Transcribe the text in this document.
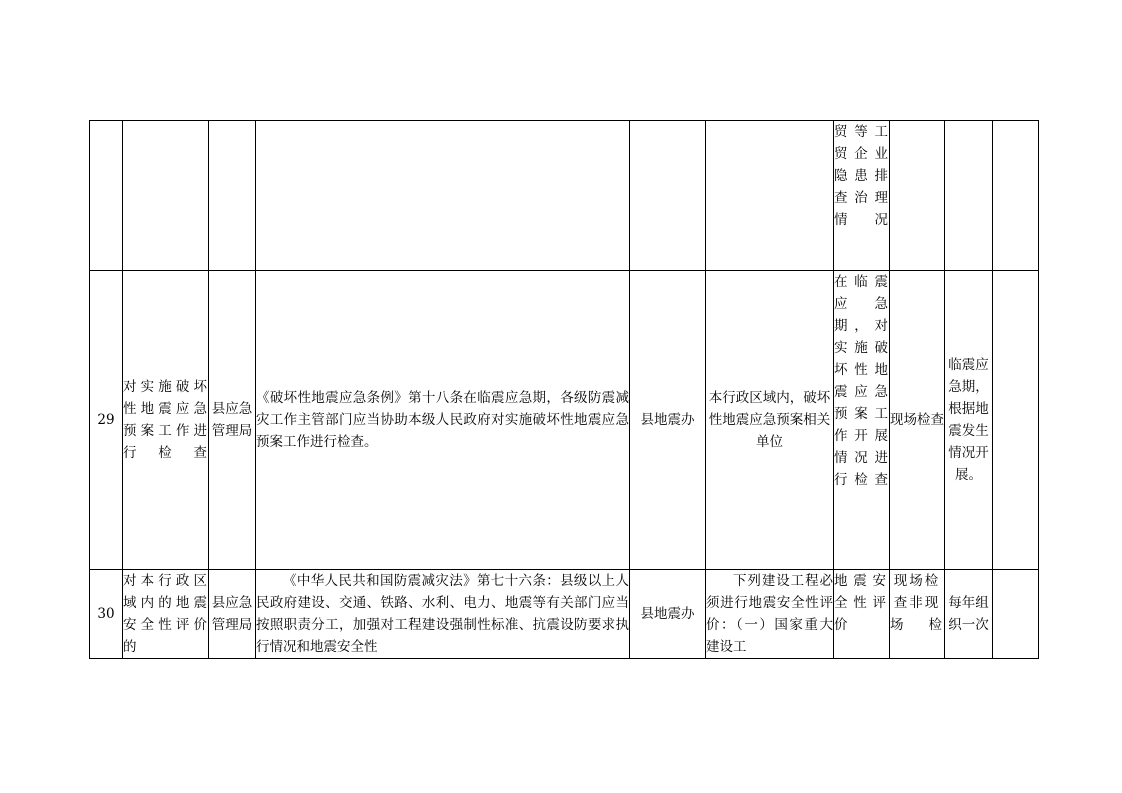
						贸等工贸企业隐患排查治理情况			
29	对实施破坏性地震应急预案工作进行检查	县应急管理局	《破坏性地震应急条例》第十八条在临震应急期，各级防震减灾工作主管部门应当协助本级人民政府对实施破坏性地震应急预案工作进行检查。	县地震办	本行政区域内，破坏性地震应急预案相关单位	在临震应急期，对实施破坏性地震应急预案工作开展情况进行检查	现场检查	临震应急期，根据地震发生情况开展。	
30	对本行政区域内的地震安全性评价的	县应急管理局	《中华人民共和国防震减灾法》第七十六条：县级以上人民政府建设、交通、铁路、水利、电力、地震等有关部门应当按照职责分工，加强对工程建设强制性标准、抗震设防要求执行情况和地震安全性	县地震办	下列建设工程必须进行地震安全性评价：（一）国家重大建设工	地震安全性评价	现场检查非现场检	每年组织一次	
